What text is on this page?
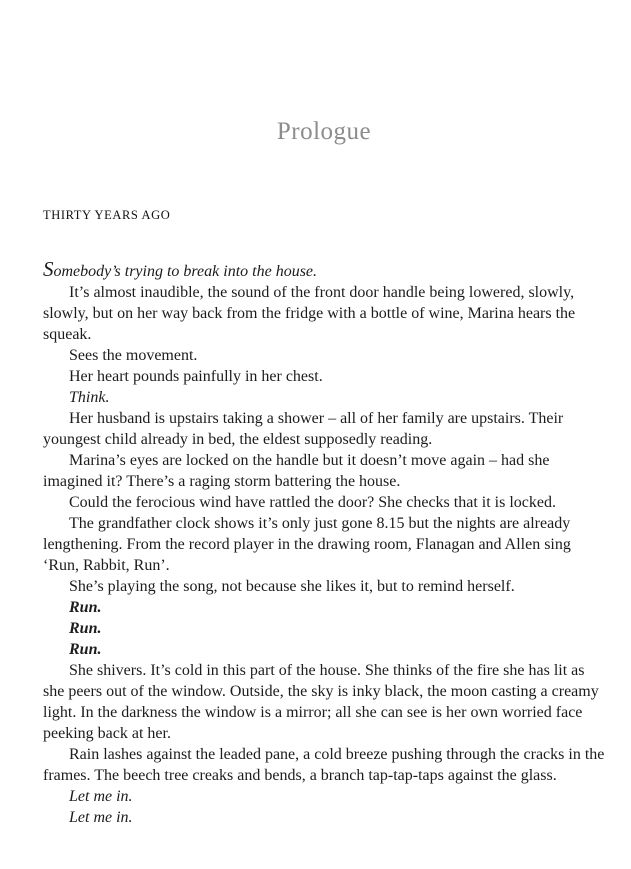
Prologue
THIRTY YEARS AGO

Somebody’s trying to break into the house.

It’s almost inaudible, the sound of the front door handle being lowered, slowly, slowly, but on her way back from the fridge with a bottle of wine, Marina hears the squeak.

Sees the movement.

Her heart pounds painfully in her chest.

Think.

Her husband is upstairs taking a shower – all of her family are upstairs. Their youngest child already in bed, the eldest supposedly reading.

Marina’s eyes are locked on the handle but it doesn’t move again – had she imagined it? There’s a raging storm battering the house.

Could the ferocious wind have rattled the door? She checks that it is locked.

The grandfather clock shows it’s only just gone 8.15 but the nights are already lengthening. From the record player in the drawing room, Flanagan and Allen sing ‘Run, Rabbit, Run’.

She’s playing the song, not because she likes it, but to remind herself.

Run.

Run.

Run.

She shivers. It’s cold in this part of the house. She thinks of the fire she has lit as she peers out of the window. Outside, the sky is inky black, the moon casting a creamy light. In the darkness the window is a mirror; all she can see is her own worried face peeking back at her.

Rain lashes against the leaded pane, a cold breeze pushing through the cracks in the frames. The beech tree creaks and bends, a branch tap-tap-taps against the glass.

Let me in.

Let me in.
